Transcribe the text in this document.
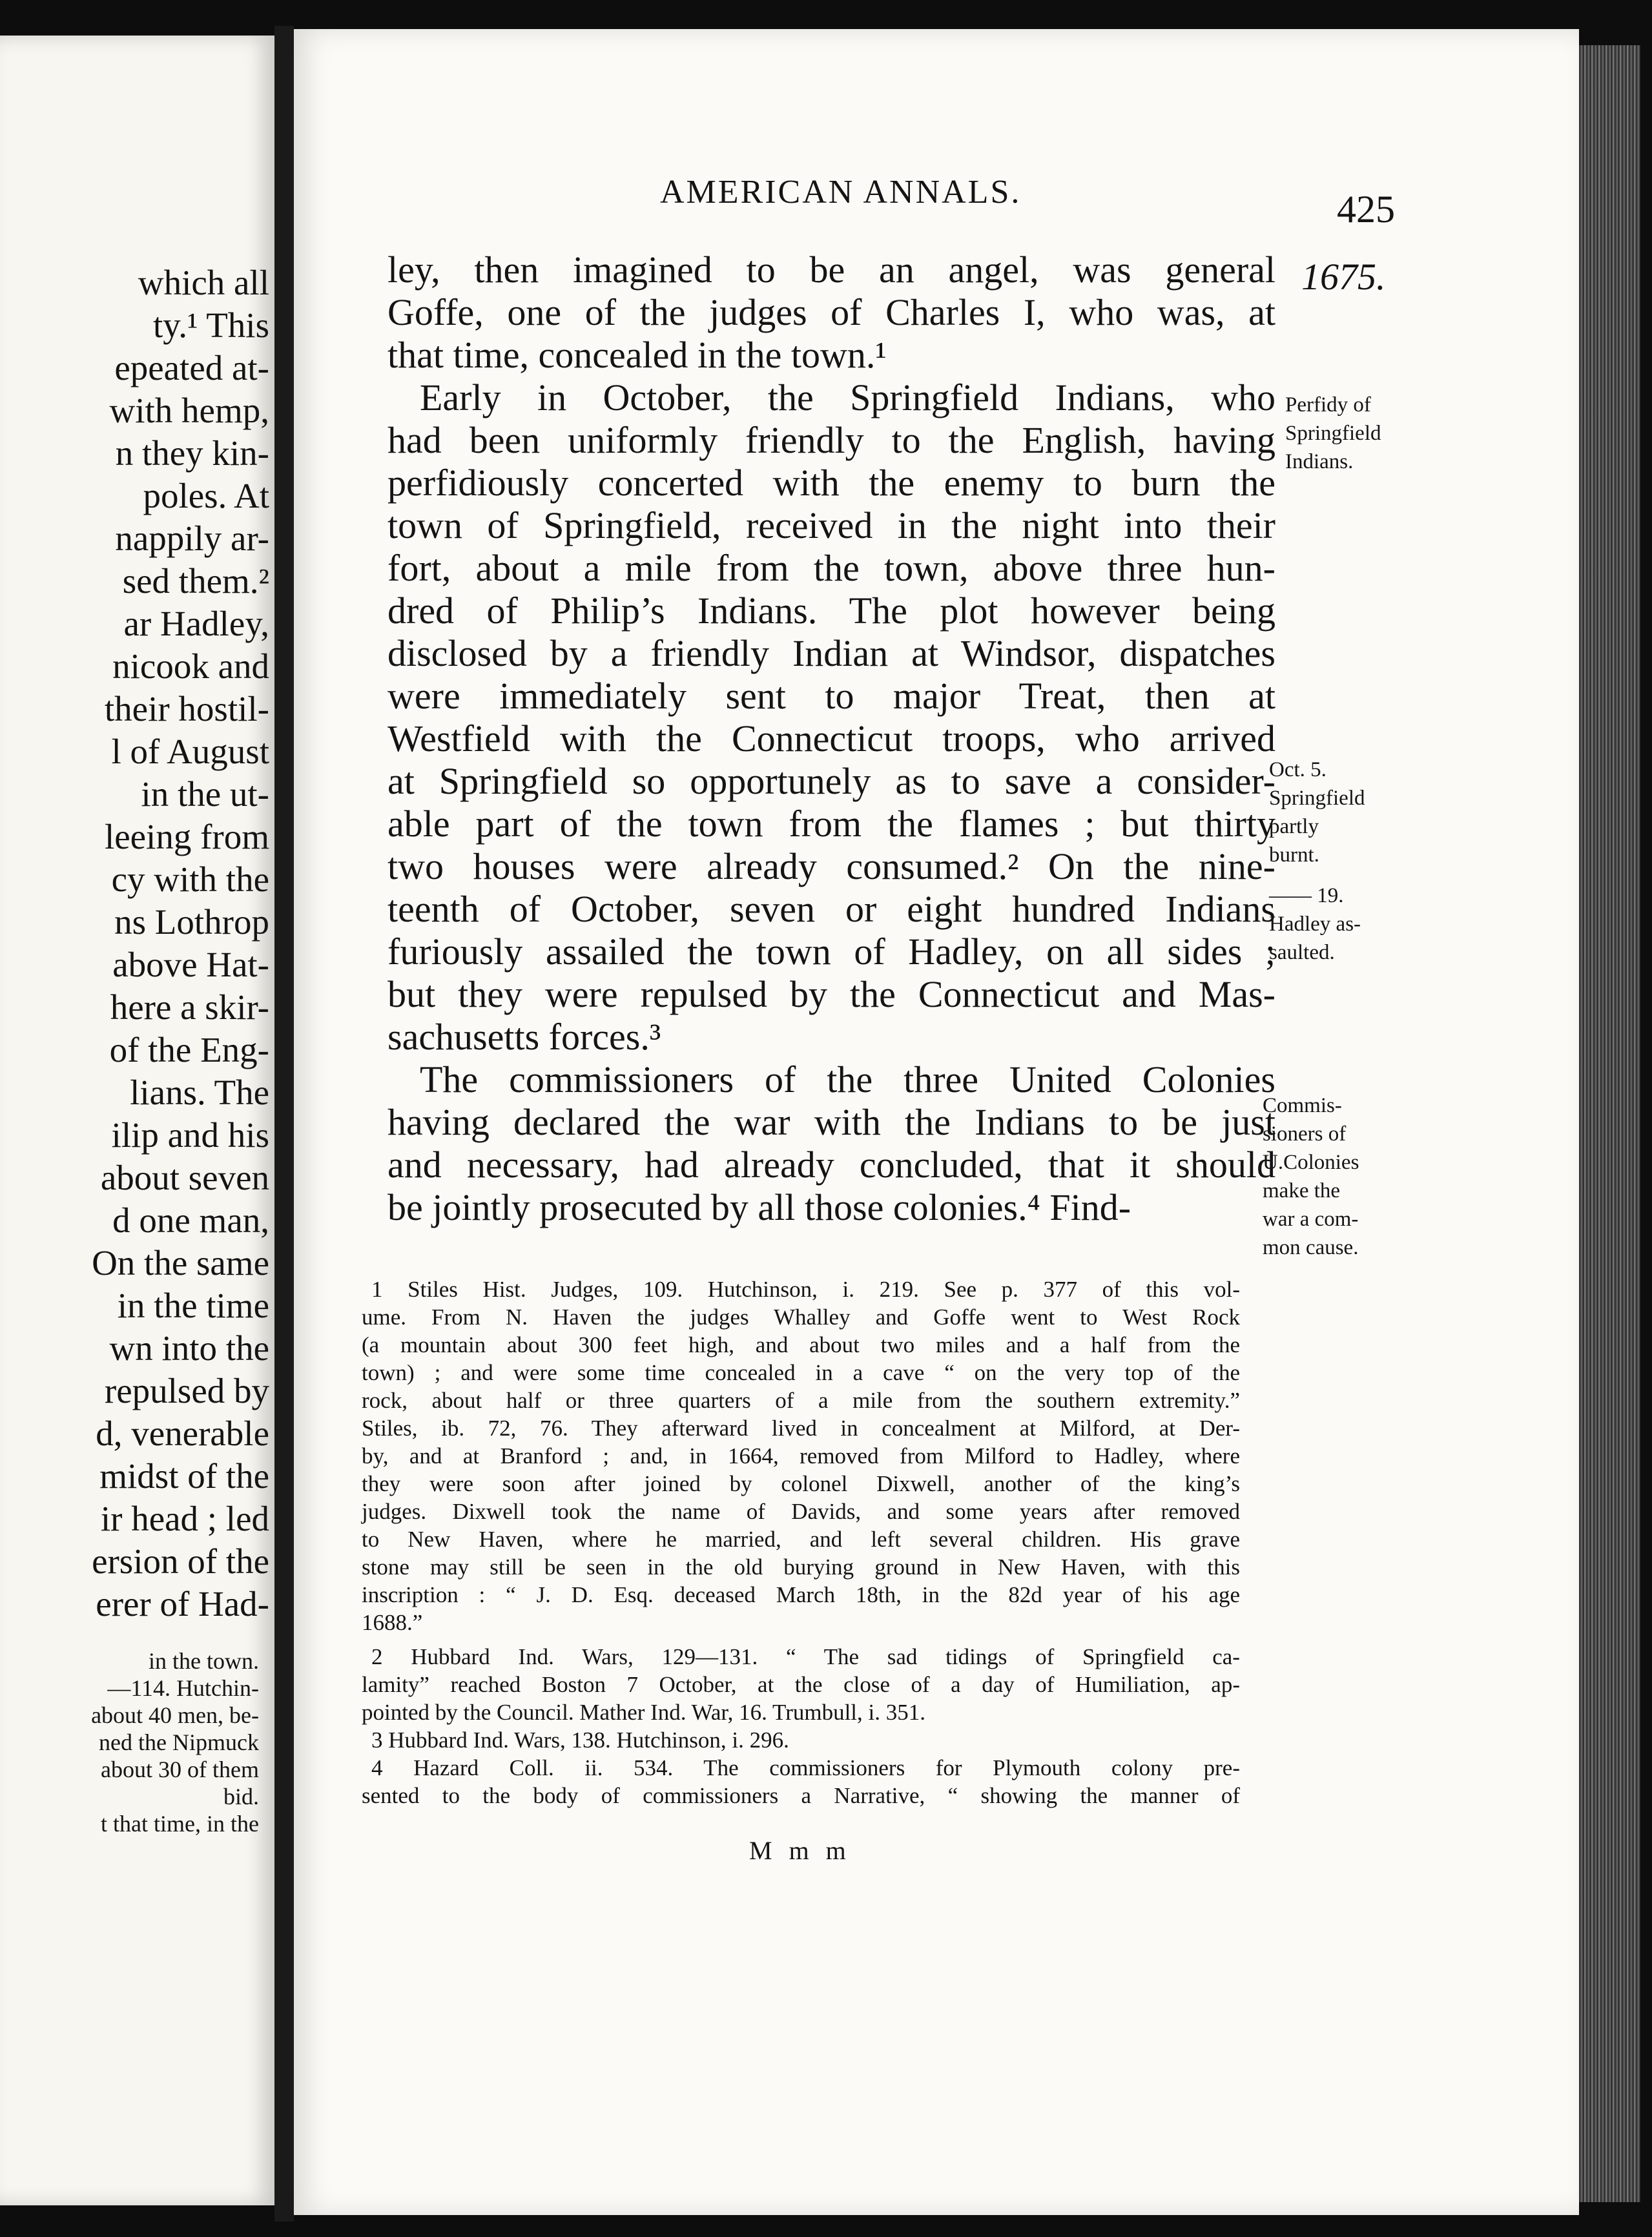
which all
ty.¹ This
epeated at-
with hemp,
n they kin-
poles. At
nappily ar-
sed them.²
ar Hadley,
nicook and
their hostil-
l of August
in the ut-
leeing from
cy with the
ns Lothrop
above Hat-
here a skir-
of the Eng-
lians. The
ilip and his
about seven
d one man,
On the same
in the time
wn into the
repulsed by
d, venerable
midst of the
ir head ; led
ersion of the
erer of Had-
in the town.
—114. Hutchin-
about 40 men, be-
ned the Nipmuck
about 30 of them
bid.
t that time, in the
AMERICAN ANNALS.	425
1675.
ley, then imagined to be an angel, was general
Goffe, one of the judges of Charles I, who was, at
that time, concealed in the town.¹
Early in October, the Springfield Indians, who
had been uniformly friendly to the English, having
perfidiously concerted with the enemy to burn the
town of Springfield, received in the night into their
fort, about a mile from the town, above three hun-
dred of Philip’s Indians. The plot however being
disclosed by a friendly Indian at Windsor, dispatches
were immediately sent to major Treat, then at
Westfield with the Connecticut troops, who arrived
at Springfield so opportunely as to save a consider-
able part of the town from the flames ; but thirty
two houses were already consumed.² On the nine-
teenth of October, seven or eight hundred Indians
furiously assailed the town of Hadley, on all sides ;
but they were repulsed by the Connecticut and Mas-
sachusetts forces.³
The commissioners of the three United Colonies
having declared the war with the Indians to be just
and necessary, had already concluded, that it should
be jointly prosecuted by all those colonies.⁴ Find-
Perfidy of
Springfield
Indians.
Oct. 5.
Springfield
partly
burnt.
—— 19.
Hadley as-
saulted.
Commis-
sioners of
U.Colonies
make the
war a com-
mon cause.
1 Stiles Hist. Judges, 109. Hutchinson, i. 219. See p. 377 of this vol-
ume. From N. Haven the judges Whalley and Goffe went to West Rock
(a mountain about 300 feet high, and about two miles and a half from the
town) ; and were some time concealed in a cave “ on the very top of the
rock, about half or three quarters of a mile from the southern extremity.”
Stiles, ib. 72, 76. They afterward lived in concealment at Milford, at Der-
by, and at Branford ; and, in 1664, removed from Milford to Hadley, where
they were soon after joined by colonel Dixwell, another of the king’s
judges. Dixwell took the name of Davids, and some years after removed
to New Haven, where he married, and left several children. His grave
stone may still be seen in the old burying ground in New Haven, with this
inscription : “ J. D. Esq. deceased March 18th, in the 82d year of his age
1688.”
2 Hubbard Ind. Wars, 129—131. “ The sad tidings of Springfield ca-
lamity” reached Boston 7 October, at the close of a day of Humiliation, ap-
pointed by the Council. Mather Ind. War, 16. Trumbull, i. 351.
3 Hubbard Ind. Wars, 138. Hutchinson, i. 296.
4 Hazard Coll. ii. 534. The commissioners for Plymouth colony pre-
sented to the body of commissioners a Narrative, “ showing the manner of
M m m
